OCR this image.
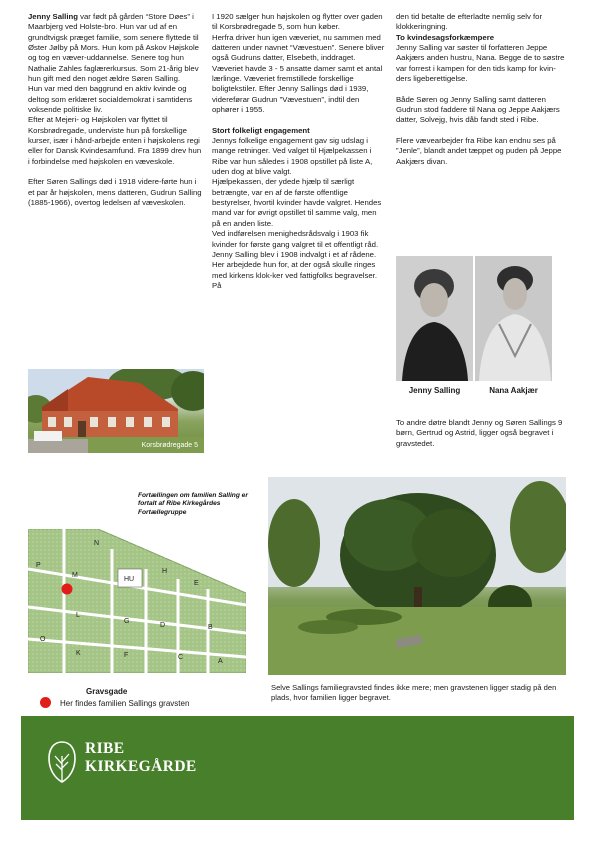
Jenny Salling var født på gården “Store Døes” i Maarbjerg ved Holste-bro. Hun var ud af en grundtvigsk præget familie, som senere flyttede til Øster Jølby på Mors. Hun kom på Askov Højskole og tog en væver-uddannelse. Senere tog hun Nathalie Zahles faglærerkursus. Som 21-årig blev hun gift med den noget ældre Søren Salling.

Hun var med den baggrund en aktiv kvinde og deltog som erklæret socialdemokrat i samtidens voksende politiske liv.

Efter at Mejeri- og Højskolen var flyttet til Korsbrødregade, underviste hun på forskellige kurser, især i hånd-arbejde enten i højskolens regi eller for Dansk Kvindesamfund. Fra 1899 drev hun i forbindelse med højskolen en væveskole.

Efter Søren Sallings død i 1918 videre-førte hun i et par år højskolen, mens datteren, Gudrun Salling (1885-1966), overtog ledelsen af væveskolen.

Korsbrødregade 5

I 1920 sælger hun højskolen og flytter over gaden til Korsbrødregade 5, som hun køber.

Herfra driver hun igen væveriet, nu sammen med datteren under navnet “Vævestuen”. Senere bliver også Gudruns datter, Elsebeth, inddraget. Væveriet havde 3 - 5 ansatte damer samt et antal lærlinge. Væveriet fremstillede forskellige boligtekstiler. Efter Jenny Sallings død i 1939, videreførar Gudrun ”Vævestuen”, indtil den ophører i 1955.

Stort folkeligt engagement

Jennys folkelige engagement gav sig udslag i mange retninger. Ved valget til Hjælpekassen i Ribe var hun således i 1908 opstillet på liste A, uden dog at blive valgt.

Hjælpekassen, der ydede hjælp til særligt betrængte, var en af de første offentlige bestyrelser, hvortil kvinder havde valgret. Hendes mand var for øvrigt opstillet til samme valg, men på en anden liste.

Ved indførelsen menighedsrådsvalg i 1903 fik kvinder for første gang valgret til et offentligt råd. Jenny Salling blev i 1908 indvalgt i et af rådene. Her arbejdede hun for, at der også skulle ringes med kirkens klok-ker ved fattigfolks begravelser. På

den tid betalte de efterladte nemlig selv for klokkeringning.

To kvindesagsforkæmpere

Jenny Salling var søster til forfatteren Jeppe Aakjærs anden hustru, Nana. Begge de to søstre var forrest i kampen for den tids kamp for kvin-ders ligeberettigelse.

Både Søren og Jenny Salling samt datteren Gudrun stod faddere til Nana og Jeppe Aakjærs datter, Solvejg, hvis dåb fandt sted i Ribe.

Flere vævearbejder fra Ribe kan endnu ses på ”Jenle”, blandt andet tæppet og puden på Jeppe Aakjærs divan.

Jenny Salling	Nana Aakjær
To andre døtre blandt Jenny og Søren Sallings 9 børn, Gertrud og Astrid, ligger også begravet i gravstedet.
Fortællingen om familien Salling er fortalt af Ribe Kirkegårdes Fortællegruppe
N
P
M
HU
H
E
L
G
D	B
O
K	F	C
A
Gravsgade
Her findes familien Sallings gravsten
Selve Sallings familiegravsted findes ikke mere; men gravstenen ligger stadig på den plads, hvor familien ligger begravet.
RIBE
KIRKEGÅRDE
